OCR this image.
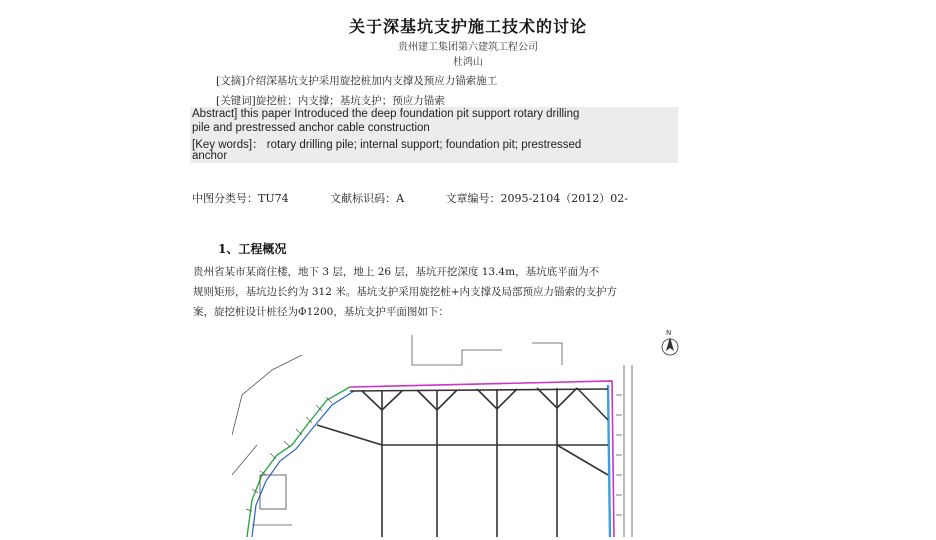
关于深基坑支护施工技术的讨论
贵州建工集团第六建筑工程公司
杜鸿山
[文摘]介绍深基坑支护采用旋挖桩加内支撑及预应力锚索施工
[关键词]旋挖桩；内支撑；基坑支护；预应力锚索
Abstract] this paper Introduced the deep foundation pit support rotary drilling
pile and prestressed anchor cable construction
[Key words]： rotary drilling pile; internal support; foundation pit; prestressed
anchor
中图分类号：TU74	文献标识码：A	文章编号：2095-2104（2012）02-
1、工程概况
贵州省某市某商住楼，地下 3 层，地上 26 层，基坑开挖深度 13.4m，基坑底平面为不
规则矩形，基坑边长约为 312 米。基坑支护采用旋挖桩+内支撑及局部预应力锚索的支护方
案，旋挖桩设计桩径为Φ1200，基坑支护平面图如下：
N
